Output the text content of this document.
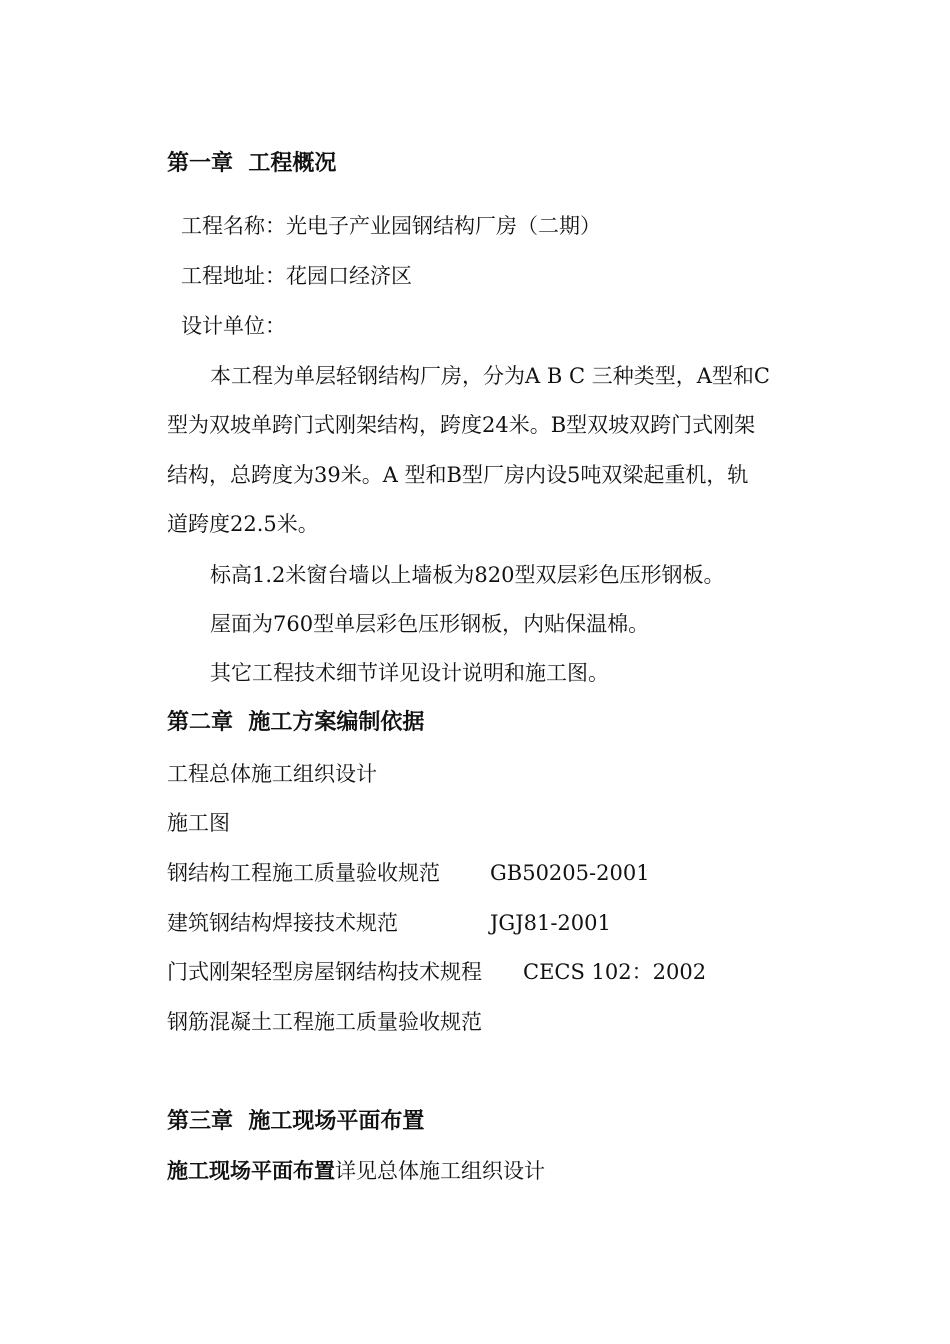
第一章  工程概况

工程名称：光电子产业园钢结构厂房（二期）

工程地址：花园口经济区

设计单位：

本工程为单层轻钢结构厂房，分为A B C 三种类型，A型和C

型为双坡单跨门式刚架结构，跨度24米。B型双坡双跨门式刚架

结构，总跨度为39米。A 型和B型厂房内设5吨双梁起重机，轨

道跨度22.5米。

标高1.2米窗台墙以上墙板为820型双层彩色压形钢板。

屋面为760型单层彩色压形钢板，内贴保温棉。

其它工程技术细节详见设计说明和施工图。

第二章  施工方案编制依据

工程总体施工组织设计

施工图

钢结构工程施工质量验收规范 GB50205-2001

建筑钢结构焊接技术规范	JGJ81-2001

门式刚架轻型房屋钢结构技术规程 CECS 102：2002

钢筋混凝土工程施工质量验收规范

第三章  施工现场平面布置

施工现场平面布置详见总体施工组织设计
